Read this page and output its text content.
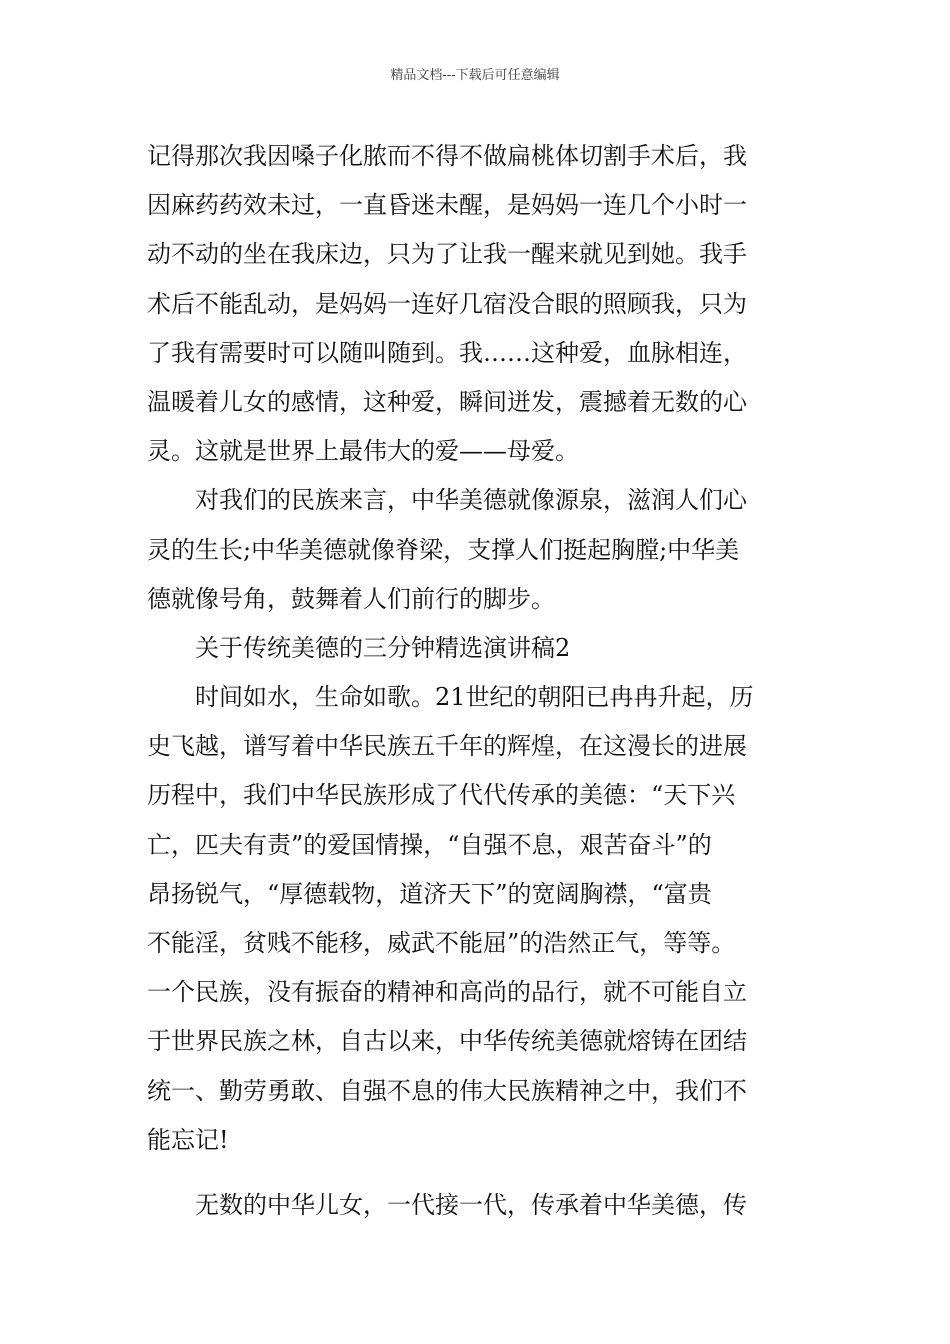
精品文档---下载后可任意编辑
记得那次我因嗓子化脓而不得不做扁桃体切割手术后，我
因麻药药效未过，一直昏迷未醒，是妈妈一连几个小时一
动不动的坐在我床边，只为了让我一醒来就见到她。我手
术后不能乱动，是妈妈一连好几宿没合眼的照顾我，只为
了我有需要时可以随叫随到。我……这种爱，血脉相连，
温暖着儿女的感情，这种爱，瞬间迸发，震撼着无数的心
灵。这就是世界上最伟大的爱——母爱。
对我们的民族来言，中华美德就像源泉，滋润人们心
灵的生长;中华美德就像脊梁，支撑人们挺起胸膛;中华美
德就像号角，鼓舞着人们前行的脚步。
关于传统美德的三分钟精选演讲稿2
时间如水，生命如歌。21世纪的朝阳已冉冉升起，历
史飞越，谱写着中华民族五千年的辉煌，在这漫长的进展
历程中，我们中华民族形成了代代传承的美德：“天下兴
亡，匹夫有责”的爱国情操，“自强不息，艰苦奋斗”的
昂扬锐气，“厚德载物，道济天下”的宽阔胸襟，“富贵
不能淫，贫贱不能移，威武不能屈”的浩然正气，等等。
一个民族，没有振奋的精神和高尚的品行，就不可能自立
于世界民族之林，自古以来，中华传统美德就熔铸在团结
统一、勤劳勇敢、自强不息的伟大民族精神之中，我们不
能忘记!
无数的中华儿女，一代接一代，传承着中华美德，传
